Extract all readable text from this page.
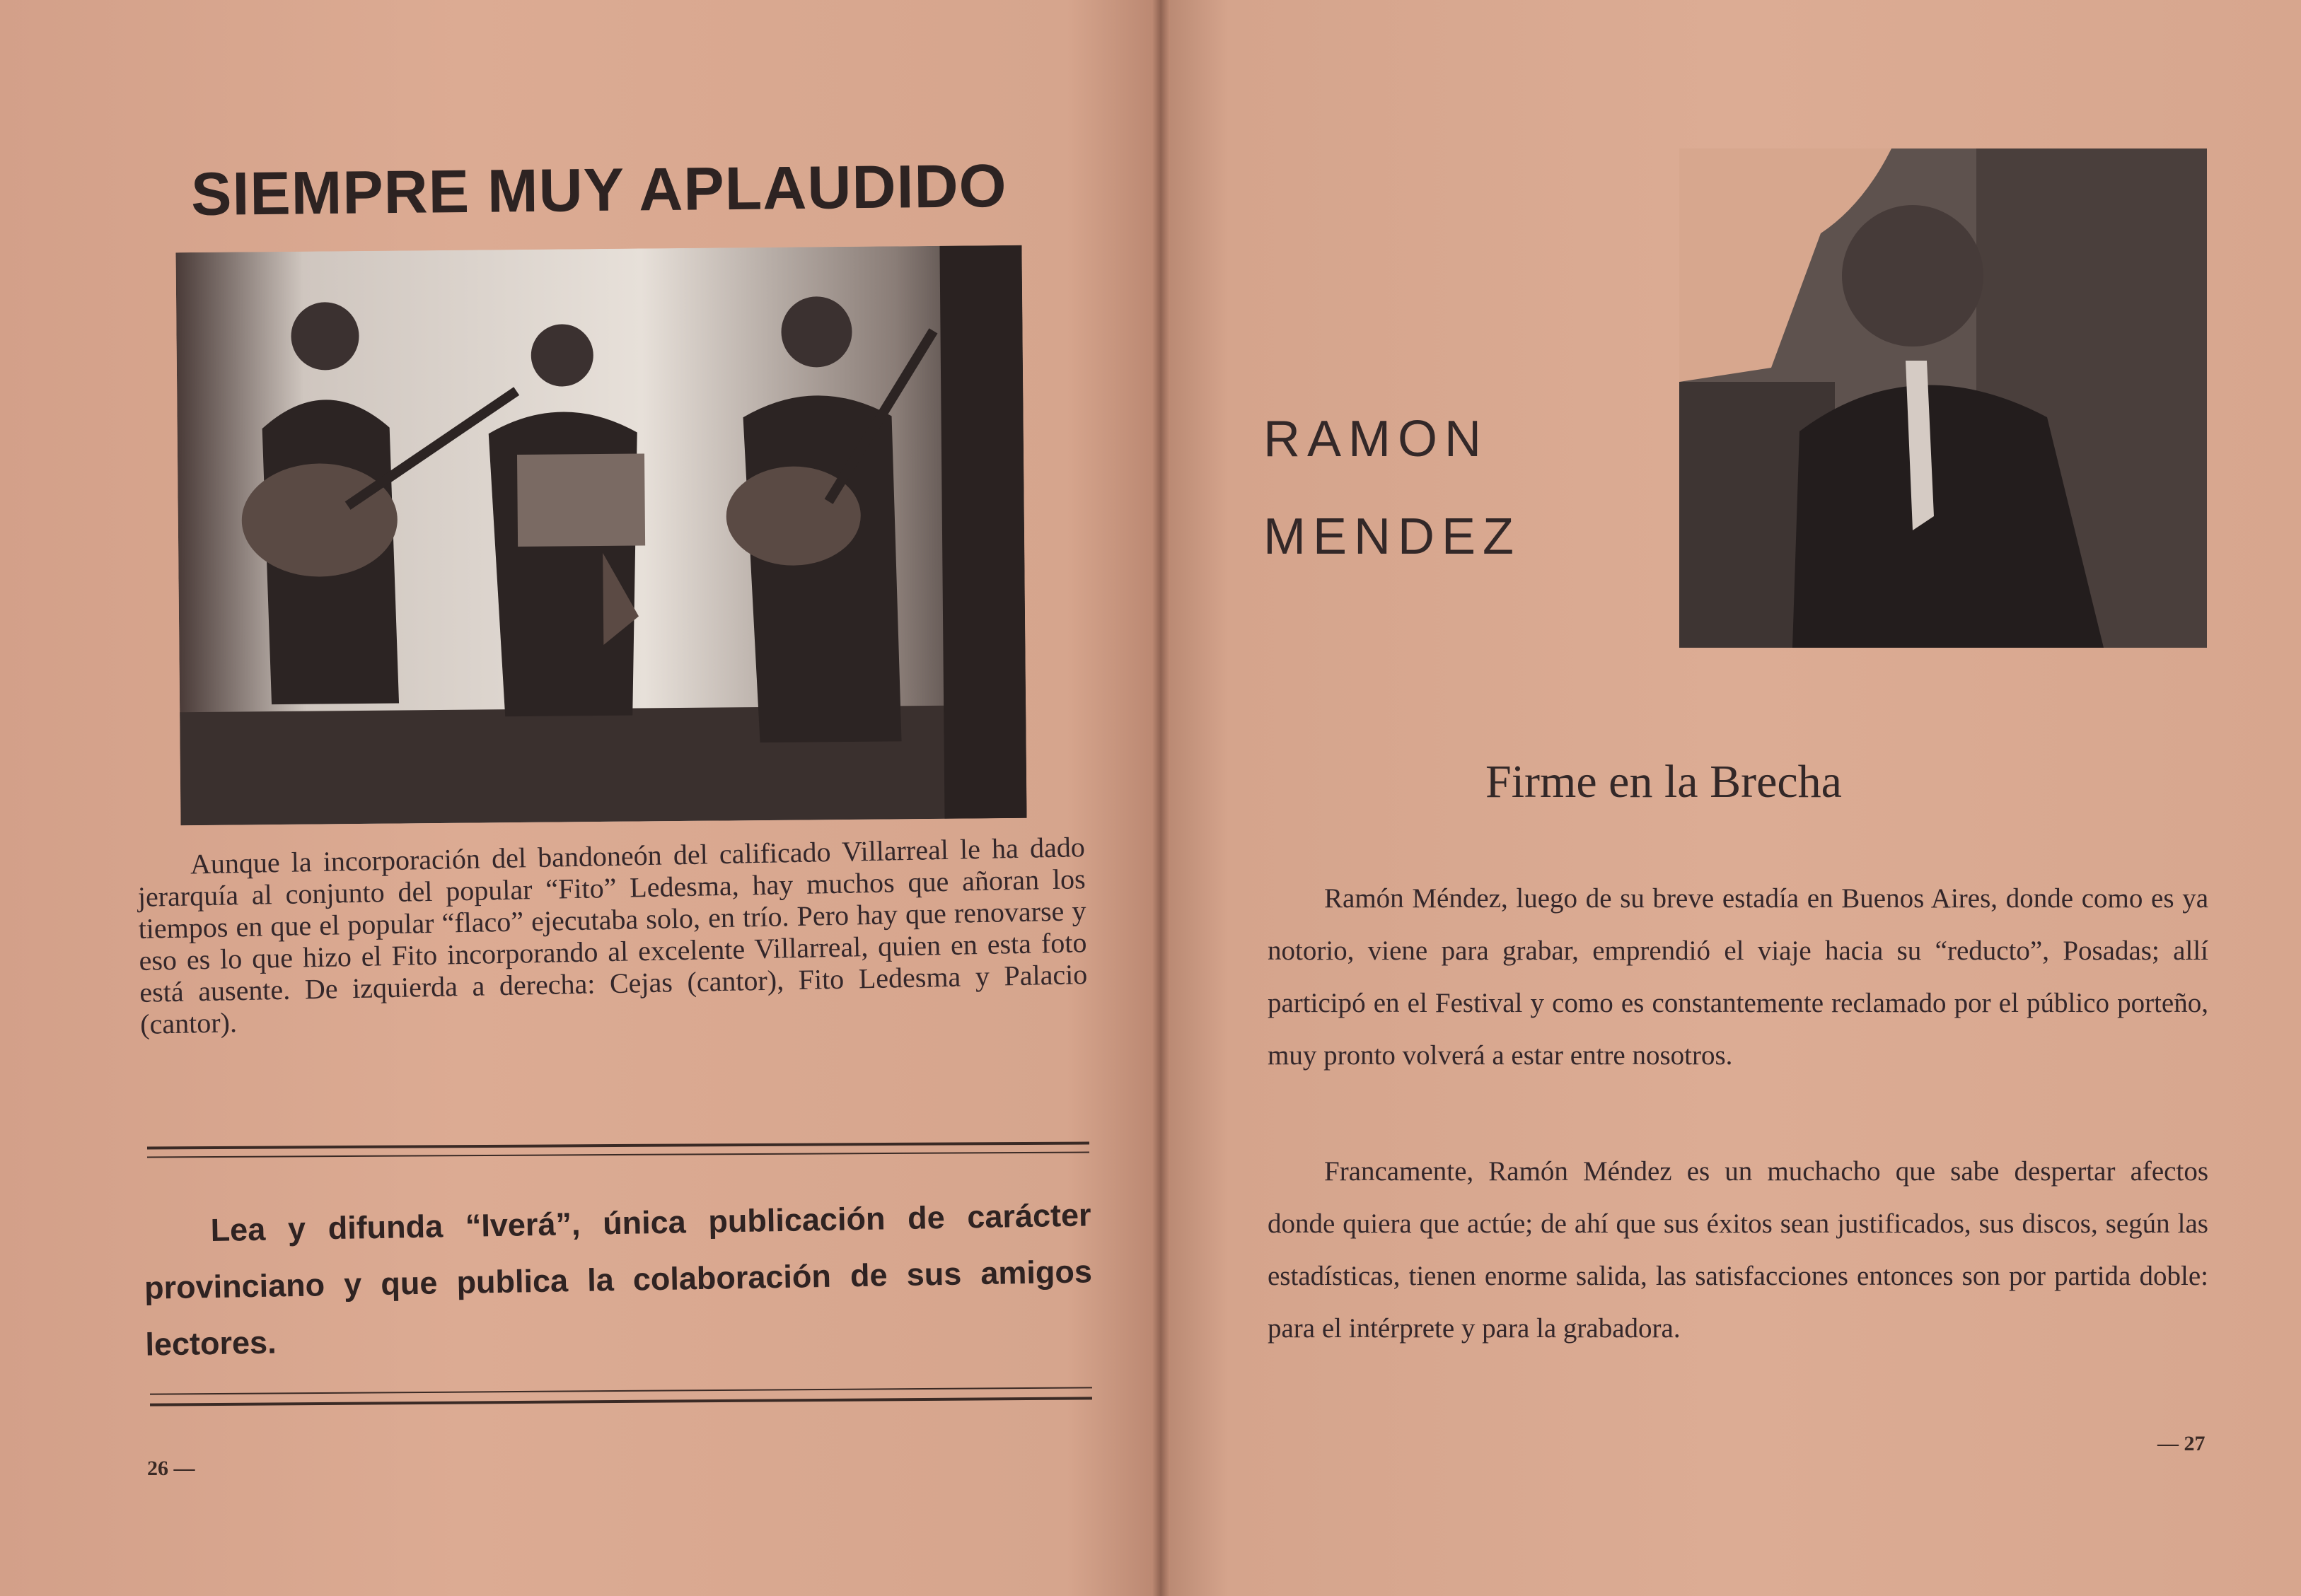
SIEMPRE MUY APLAUDIDO
Aunque la incorporación del bandoneón del calificado Villarreal le ha dado jerarquía al conjunto del popular “Fito” Ledesma, hay muchos que añoran los tiempos en que el popular “flaco” ejecutaba solo, en trío. Pero hay que renovarse y eso es lo que hizo el Fito incorporando al excelente Villarreal, quien en esta foto está ausente. De izquierda a derecha: Cejas (cantor), Fito Ledesma y Palacio (cantor).
Lea y difunda “Iverá”, única publicación de carácter provinciano y que publica la colaboración de sus amigos lectores.
26 —
RAMON
MENDEZ
Firme en la Brecha
Ramón Méndez, luego de su breve estadía en Buenos Aires, donde como es ya notorio, viene para grabar, emprendió el viaje hacia su “reducto”, Posadas; allí participó en el Festival y como es constantemente reclamado por el público porteño, muy pronto volverá a estar entre nosotros.
Francamente, Ramón Méndez es un muchacho que sabe despertar afectos donde quiera que actúe; de ahí que sus éxitos sean justificados, sus discos, según las estadísticas, tienen enorme salida, las satisfacciones entonces son por partida doble: para el intérprete y para la grabadora.
— 27
